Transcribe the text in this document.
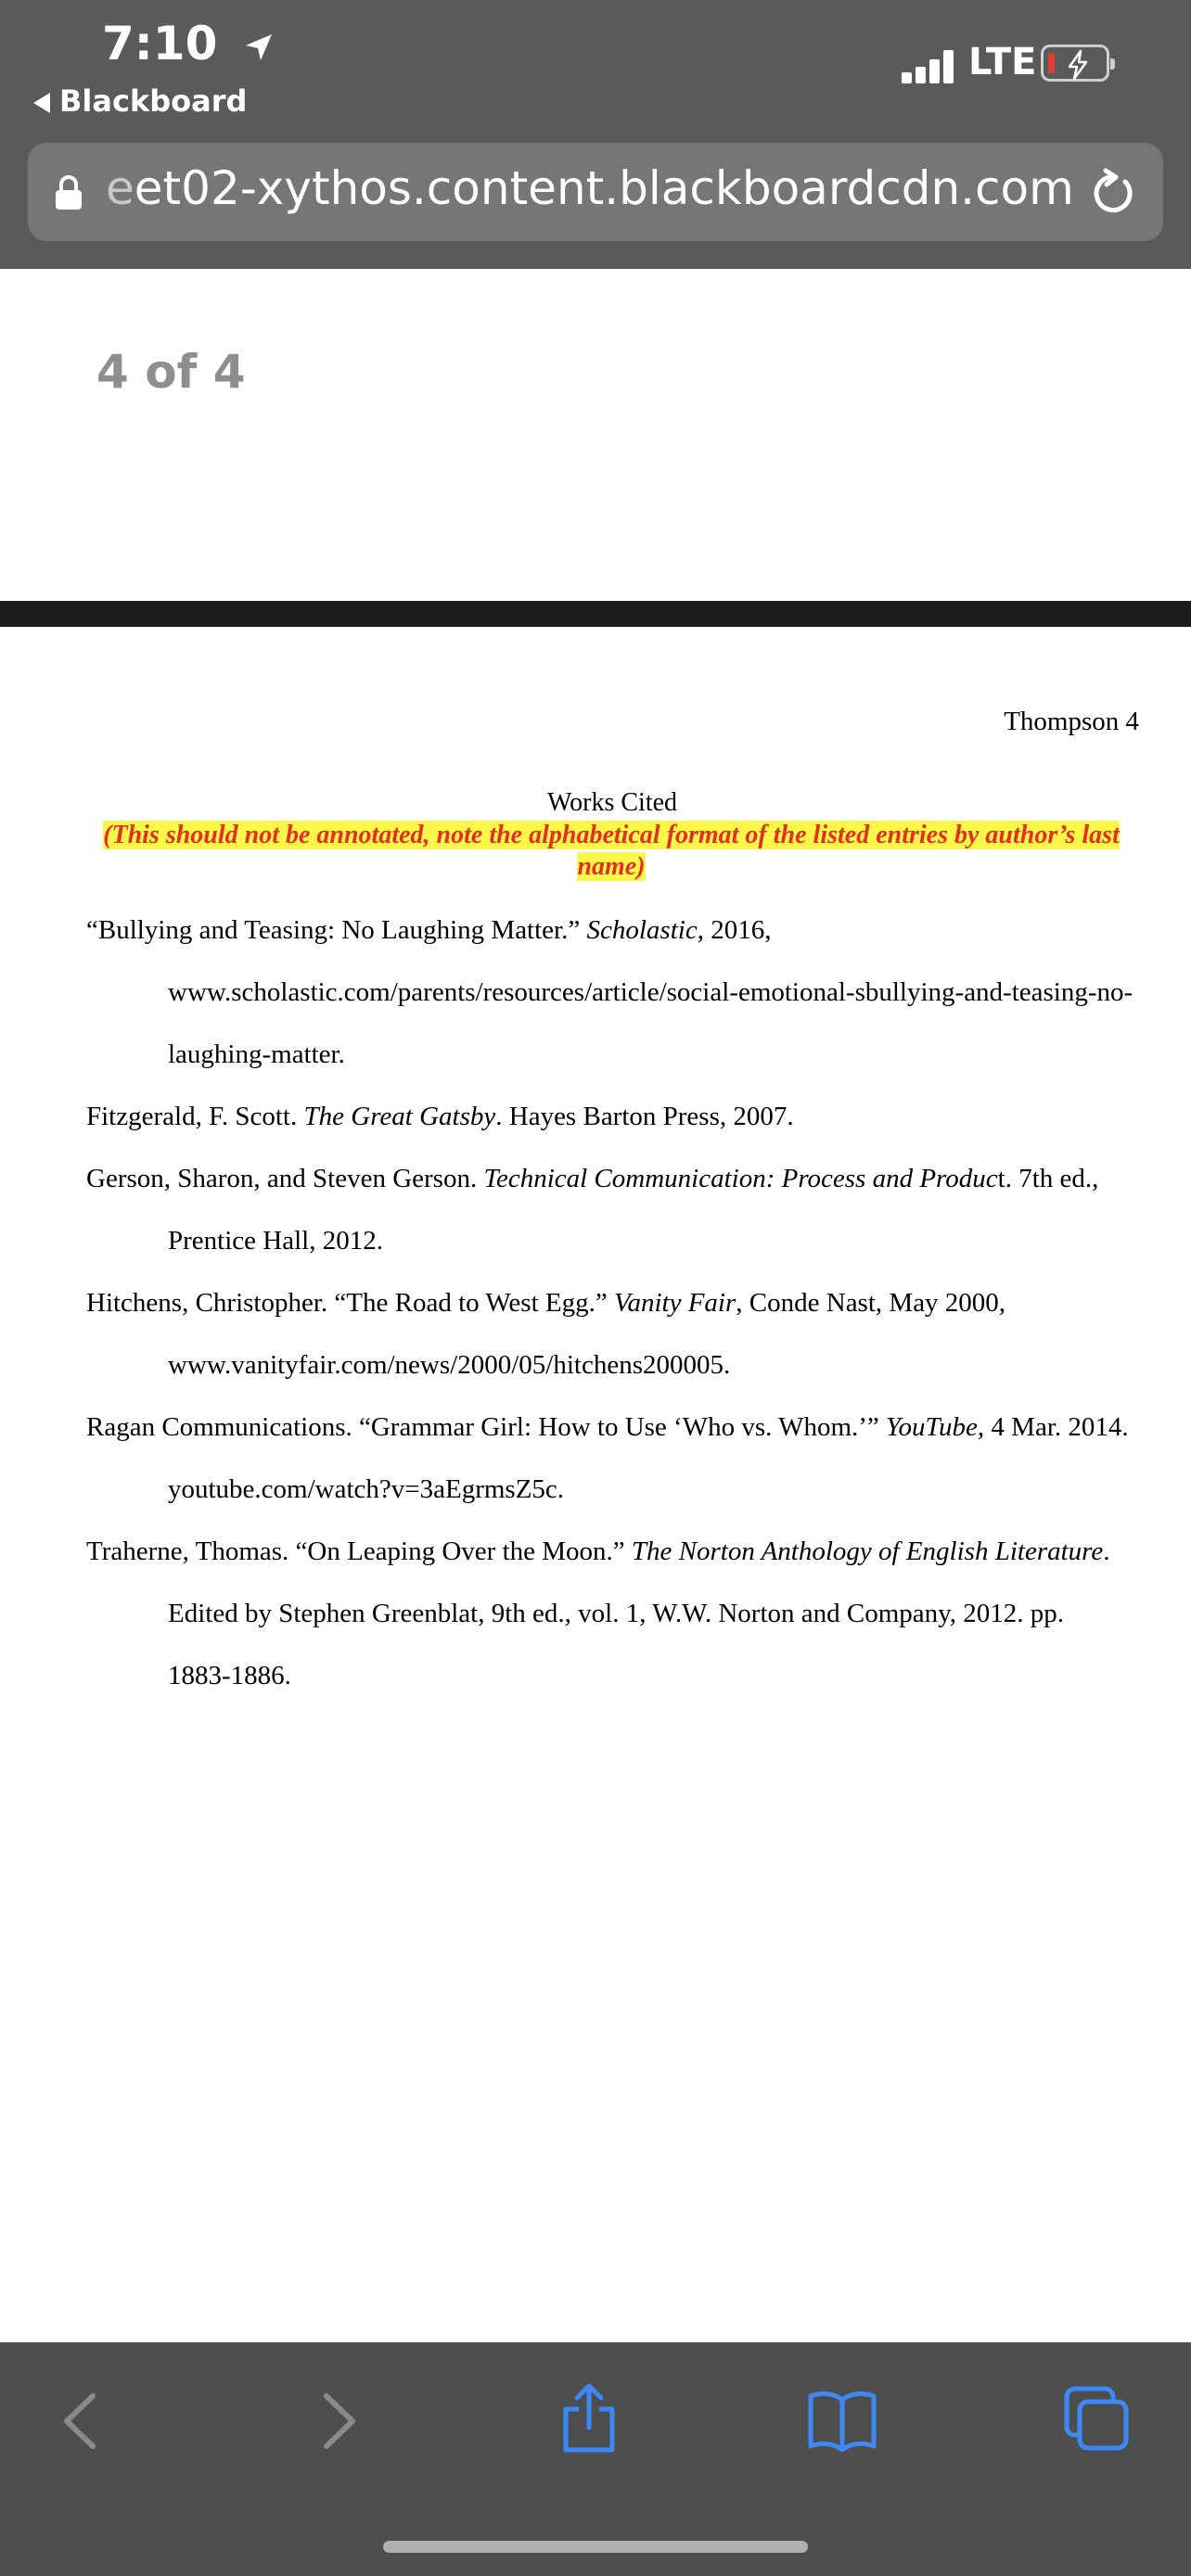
7:10
Blackboard
LTE
eet02-xythos.content.blackboardcdn.com
4 of 4
Thompson 4
Works Cited
(This should not be annotated, note the alphabetical format of the listed entries by author’s last name)
“Bullying and Teasing: No Laughing Matter.” Scholastic, 2016,
www.scholastic.com/parents/resources/article/social-emotional-sbullying-and-teasing-no-
laughing-matter.
Fitzgerald, F. Scott. The Great Gatsby. Hayes Barton Press, 2007.
Gerson, Sharon, and Steven Gerson. Technical Communication: Process and Product. 7th ed.,
Prentice Hall, 2012.
Hitchens, Christopher. “The Road to West Egg.” Vanity Fair, Conde Nast, May 2000,
www.vanityfair.com/news/2000/05/hitchens200005.
Ragan Communications. “Grammar Girl: How to Use ‘Who vs. Whom.’” YouTube, 4 Mar. 2014.
youtube.com/watch?v=3aEgrmsZ5c.
Traherne, Thomas. “On Leaping Over the Moon.” The Norton Anthology of English Literature.
Edited by Stephen Greenblat, 9th ed., vol. 1, W.W. Norton and Company, 2012. pp.
1883-1886.
